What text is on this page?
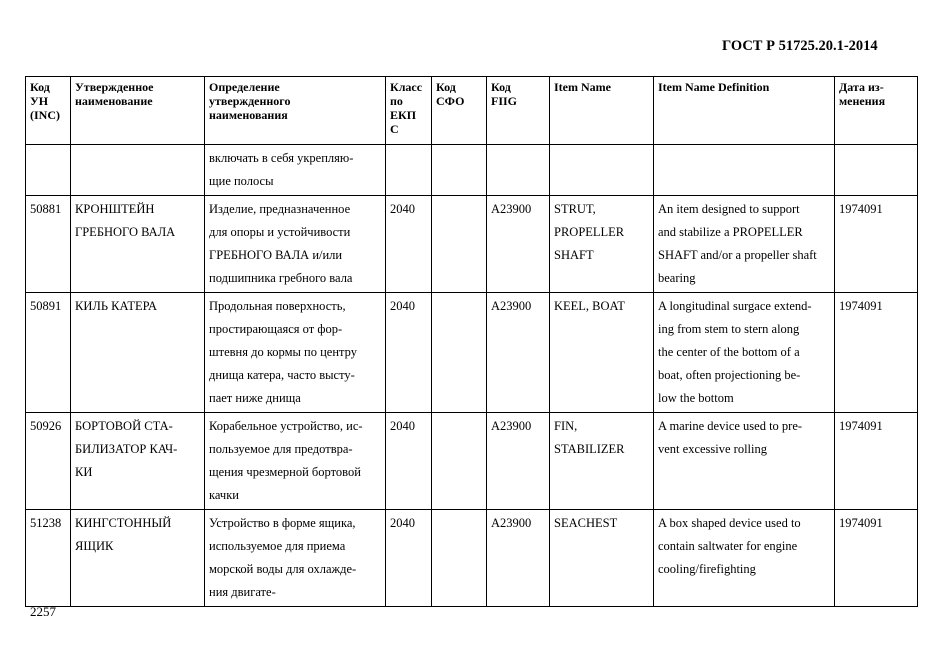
ГОСТ Р 51725.20.1-2014
Код
УН
(INC)	Утвержденное
наименование	Определение
утвержденного
наименования	Класс
по
ЕКП
С	Код
СФО	Код
FIIG	Item Name	Item Name Definition	Дата из-
менения
		включать в себя укрепляю-
щие полосы						
50881	КРОНШТЕЙН
ГРЕБНОГО ВАЛА	Изделие, предназначенное
для опоры и устойчивости
ГРЕБНОГО ВАЛА и/или
подшипника гребного вала	2040		A23900	STRUT,
PROPELLER
SHAFT	An item designed to support
and stabilize a PROPELLER
SHAFT and/or a propeller shaft
bearing	1974091
50891	КИЛЬ КАТЕРА	Продольная поверхность,
простирающаяся от фор-
штевня до кормы по центру
днища катера, часто высту-
пает ниже днища	2040		A23900	KEEL, BOAT	A longitudinal surgace extend-
ing from stem to stern along
the center of the bottom of a
boat, often projectioning be-
low the bottom	1974091
50926	БОРТОВОЙ СТА-
БИЛИЗАТОР КАЧ-
КИ	Корабельное устройство, ис-
пользуемое для предотвра-
щения чрезмерной бортовой
качки	2040		A23900	FIN,
STABILIZER	A marine device used to pre-
vent excessive rolling	1974091
51238	КИНГСТОННЫЙ
ЯЩИК	Устройство в форме ящика,
используемое для приема
морской воды для охлажде-
ния двигате-	2040		A23900	SEACHEST	A box shaped device used to
contain saltwater for engine
cooling/firefighting	1974091
2257
